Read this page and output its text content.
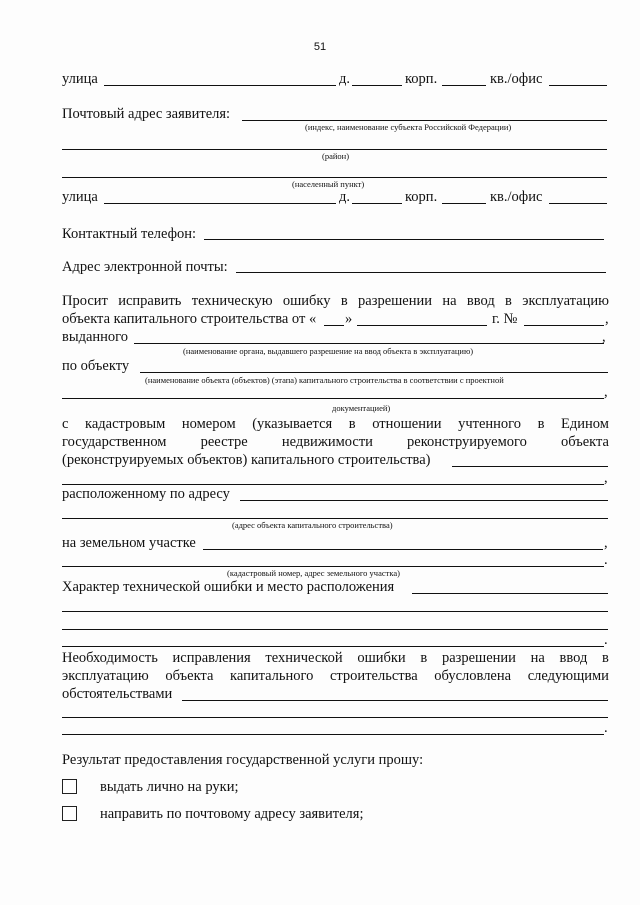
51
улица	д.	корп.	кв./офис
Почтовый адрес заявителя:
(индекс, наименование субъекта Российской Федерации)
(район)
(населенный пункт)
улица	д.	корп.	кв./офис
Контактный телефон:
Адрес электронной почты:
Просит исправить техническую ошибку в разрешении на ввод в эксплуатацию
объекта капитального строительства от « »	г. №	,
выданного	,
(наименование органа, выдавшего разрешение на ввод объекта в эксплуатацию)
по объекту
(наименование объекта (объектов) (этапа) капитального строительства в соответствии с проектной
,
документацией)
с кадастровым номером (указывается в отношении учтенного в Едином
государственном реестре недвижимости реконструируемого объекта
(реконструируемых объектов) капитального строительства)
,
расположенному по адресу
(адрес объекта капитального строительства)
на земельном участке	,
.
(кадастровый номер, адрес земельного участка)
Характер технической ошибки и место расположения
.
Необходимость исправления технической ошибки в разрешении на ввод в
эксплуатацию объекта капитального строительства обусловлена следующими
обстоятельствами
.
Результат предоставления государственной услуги прошу:
выдать лично на руки;
направить по почтовому адресу заявителя;
